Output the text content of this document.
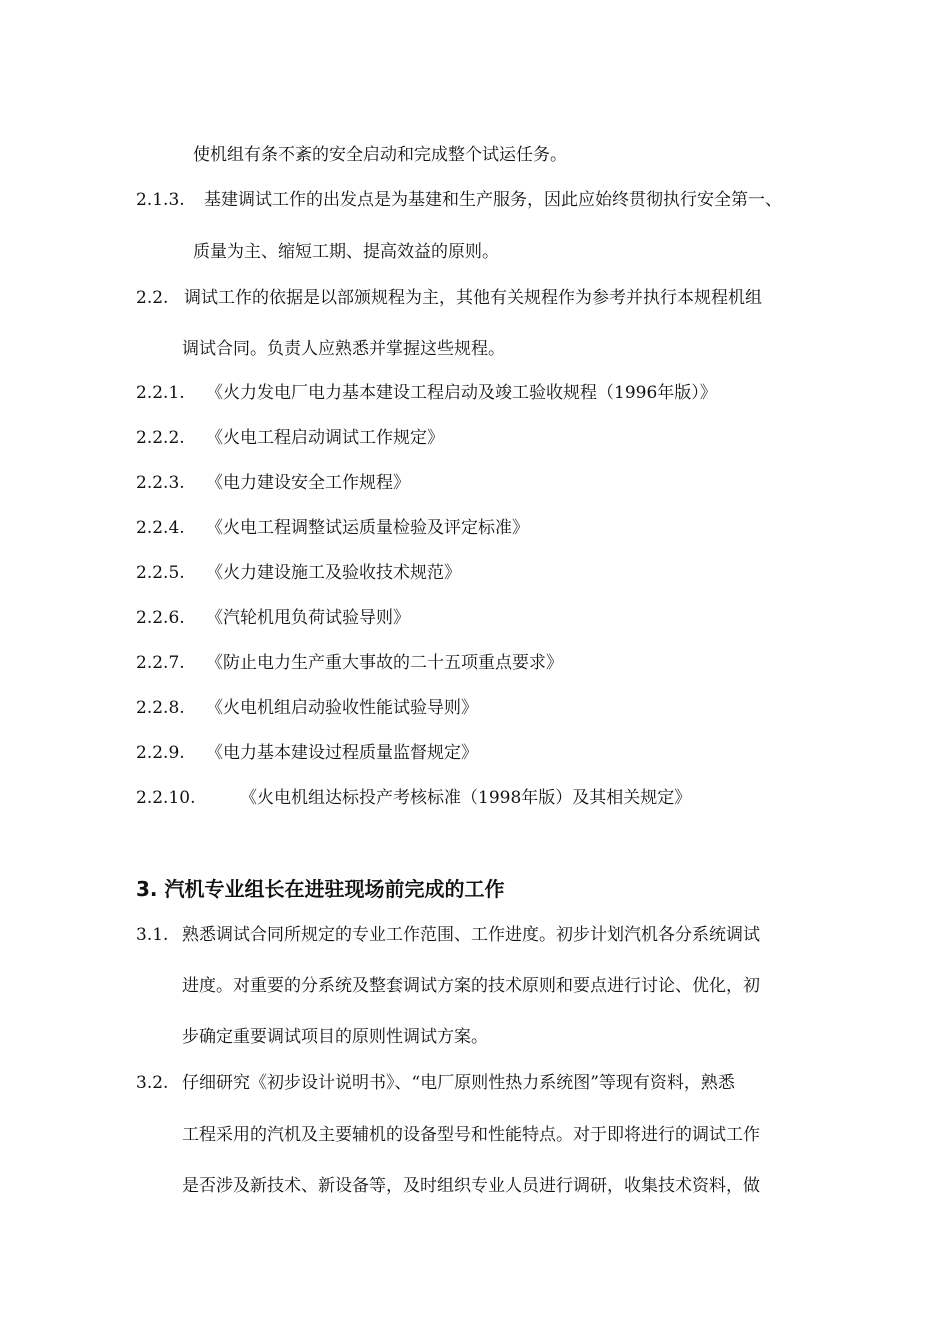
使机组有条不紊的安全启动和完成整个试运任务。
2.1.3. 基建调试工作的出发点是为基建和生产服务，因此应始终贯彻执行安全第一、
质量为主、缩短工期、提高效益的原则。
2.2. 调试工作的依据是以部颁规程为主，其他有关规程作为参考并执行本规程机组
调试合同。负责人应熟悉并掌握这些规程。
2.2.1. 《火力发电厂电力基本建设工程启动及竣工验收规程（1996年版）》
2.2.2. 《火电工程启动调试工作规定》
2.2.3. 《电力建设安全工作规程》
2.2.4. 《火电工程调整试运质量检验及评定标准》
2.2.5. 《火力建设施工及验收技术规范》
2.2.6. 《汽轮机甩负荷试验导则》
2.2.7. 《防止电力生产重大事故的二十五项重点要求》
2.2.8. 《火电机组启动验收性能试验导则》
2.2.9. 《电力基本建设过程质量监督规定》
2.2.10.	《火电机组达标投产考核标准（1998年版）及其相关规定》
3. 汽机专业组长在进驻现场前完成的工作
3.1. 熟悉调试合同所规定的专业工作范围、工作进度。初步计划汽机各分系统调试
进度。对重要的分系统及整套调试方案的技术原则和要点进行讨论、优化，初
步确定重要调试项目的原则性调试方案。
3.2. 仔细研究《初步设计说明书》、“电厂原则性热力系统图”等现有资料，熟悉
工程采用的汽机及主要辅机的设备型号和性能特点。对于即将进行的调试工作
是否涉及新技术、新设备等，及时组织专业人员进行调研，收集技术资料，做
